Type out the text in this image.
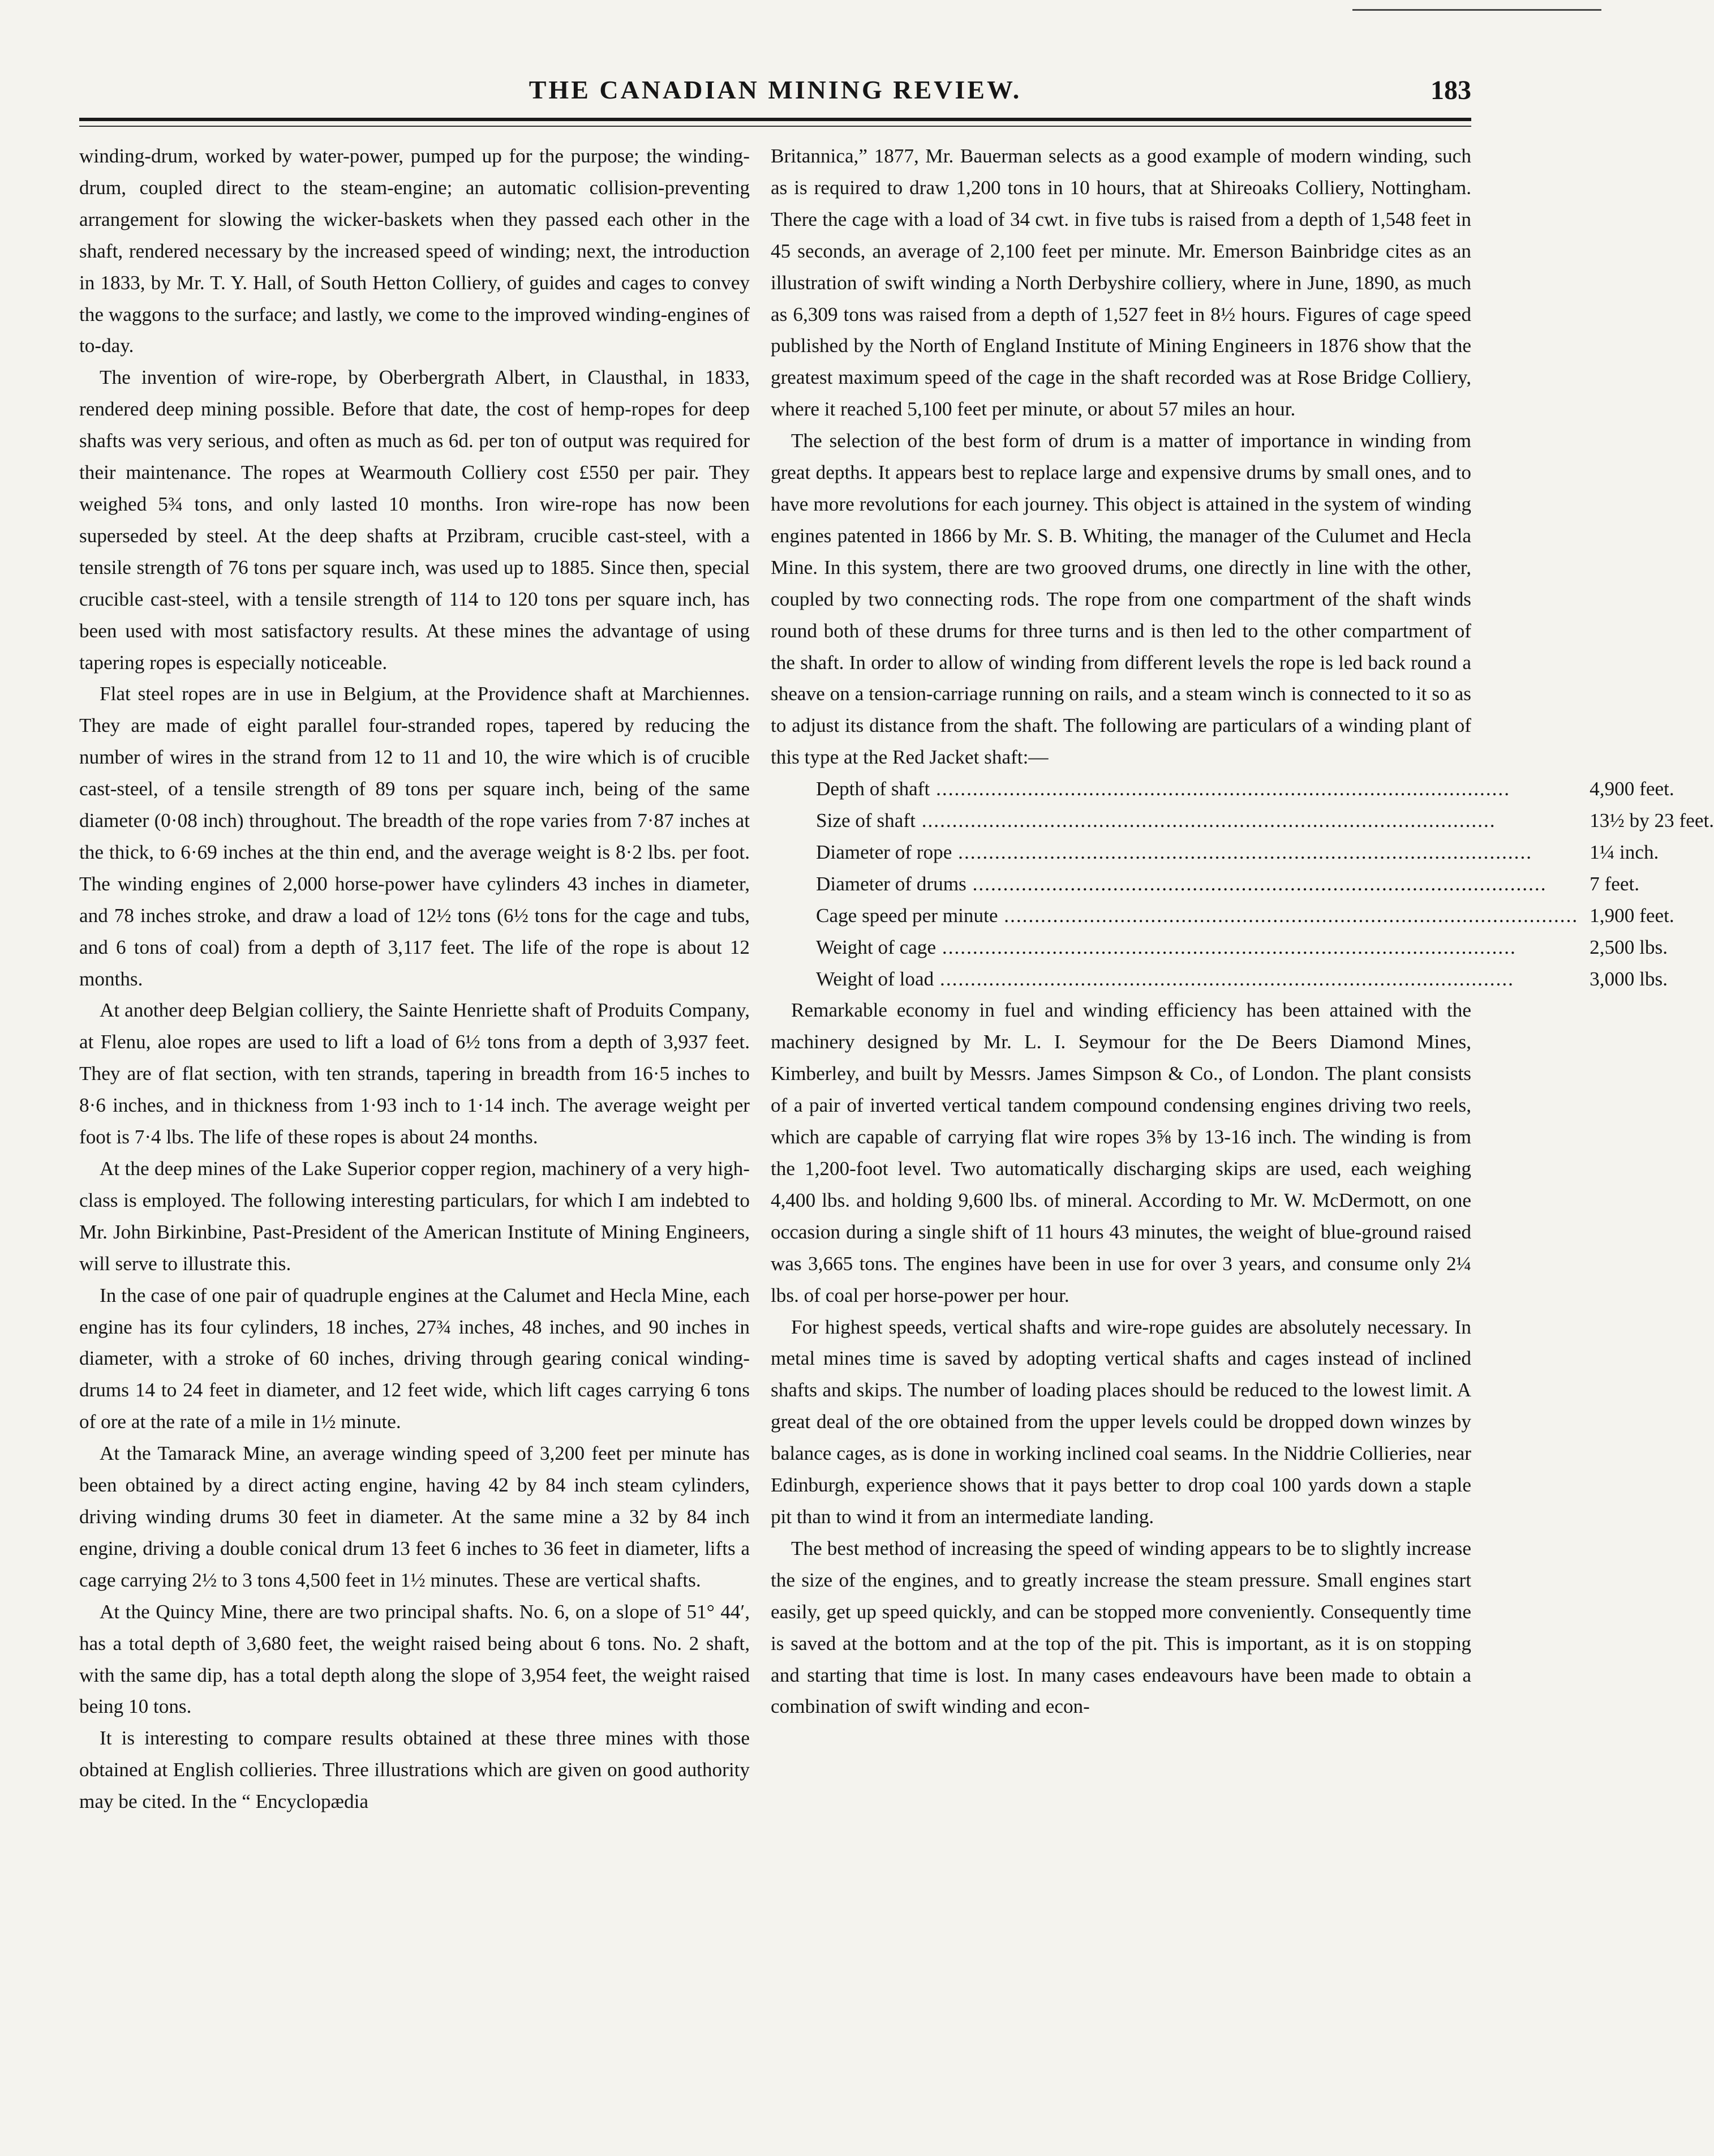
THE CANADIAN MINING REVIEW.	183

winding-drum, worked by water-power, pumped up for the purpose; the winding-drum, coupled direct to the steam-engine; an automatic collision-preventing arrangement for slowing the wicker-baskets when they passed each other in the shaft, rendered necessary by the increased speed of winding; next, the introduction in 1833, by Mr. T. Y. Hall, of South Hetton Colliery, of guides and cages to convey the waggons to the surface; and lastly, we come to the improved winding-engines of to-day.

The invention of wire-rope, by Oberbergrath Albert, in Clausthal, in 1833, rendered deep mining possible. Before that date, the cost of hemp-ropes for deep shafts was very serious, and often as much as 6d. per ton of output was required for their maintenance. The ropes at Wearmouth Colliery cost £550 per pair. They weighed 5¾ tons, and only lasted 10 months. Iron wire-rope has now been superseded by steel. At the deep shafts at Przibram, crucible cast-steel, with a tensile strength of 76 tons per square inch, was used up to 1885. Since then, special crucible cast-steel, with a tensile strength of 114 to 120 tons per square inch, has been used with most satisfactory results. At these mines the advantage of using tapering ropes is especially noticeable.

Flat steel ropes are in use in Belgium, at the Providence shaft at Marchiennes. They are made of eight parallel four-stranded ropes, tapered by reducing the number of wires in the strand from 12 to 11 and 10, the wire which is of crucible cast-steel, of a tensile strength of 89 tons per square inch, being of the same diameter (0·08 inch) throughout. The breadth of the rope varies from 7·87 inches at the thick, to 6·69 inches at the thin end, and the average weight is 8·2 lbs. per foot. The winding engines of 2,000 horse-power have cylinders 43 inches in diameter, and 78 inches stroke, and draw a load of 12½ tons (6½ tons for the cage and tubs, and 6 tons of coal) from a depth of 3,117 feet. The life of the rope is about 12 months.

At another deep Belgian colliery, the Sainte Henriette shaft of Produits Company, at Flenu, aloe ropes are used to lift a load of 6½ tons from a depth of 3,937 feet. They are of flat section, with ten strands, tapering in breadth from 16·5 inches to 8·6 inches, and in thickness from 1·93 inch to 1·14 inch. The average weight per foot is 7·4 lbs. The life of these ropes is about 24 months.

At the deep mines of the Lake Superior copper region, machinery of a very high-class is employed. The following interesting particulars, for which I am indebted to Mr. John Birkinbine, Past-President of the American Institute of Mining Engineers, will serve to illustrate this.

In the case of one pair of quadruple engines at the Calumet and Hecla Mine, each engine has its four cylinders, 18 inches, 27¾ inches, 48 inches, and 90 inches in diameter, with a stroke of 60 inches, driving through gearing conical winding-drums 14 to 24 feet in diameter, and 12 feet wide, which lift cages carrying 6 tons of ore at the rate of a mile in 1½ minute.

At the Tamarack Mine, an average winding speed of 3,200 feet per minute has been obtained by a direct acting engine, having 42 by 84 inch steam cylinders, driving winding drums 30 feet in diameter. At the same mine a 32 by 84 inch engine, driving a double conical drum 13 feet 6 inches to 36 feet in diameter, lifts a cage carrying 2½ to 3 tons 4,500 feet in 1½ minutes. These are vertical shafts.

At the Quincy Mine, there are two principal shafts. No. 6, on a slope of 51° 44′, has a total depth of 3,680 feet, the weight raised being about 6 tons. No. 2 shaft, with the same dip, has a total depth along the slope of 3,954 feet, the weight raised being 10 tons.

It is interesting to compare results obtained at these three mines with those obtained at English collieries. Three illustrations which are given on good authority may be cited. In the “ Encyclopædia

Britannica,” 1877, Mr. Bauerman selects as a good example of modern winding, such as is required to draw 1,200 tons in 10 hours, that at Shireoaks Colliery, Nottingham. There the cage with a load of 34 cwt. in five tubs is raised from a depth of 1,548 feet in 45 seconds, an average of 2,100 feet per minute. Mr. Emerson Bainbridge cites as an illustration of swift winding a North Derbyshire colliery, where in June, 1890, as much as 6,309 tons was raised from a depth of 1,527 feet in 8½ hours. Figures of cage speed published by the North of England Institute of Mining Engineers in 1876 show that the greatest maximum speed of the cage in the shaft recorded was at Rose Bridge Colliery, where it reached 5,100 feet per minute, or about 57 miles an hour.

The selection of the best form of drum is a matter of importance in winding from great depths. It appears best to replace large and expensive drums by small ones, and to have more revolutions for each journey. This object is attained in the system of winding engines patented in 1866 by Mr. S. B. Whiting, the manager of the Culumet and Hecla Mine. In this system, there are two grooved drums, one directly in line with the other, coupled by two connecting rods. The rope from one compartment of the shaft winds round both of these drums for three turns and is then led to the other compartment of the shaft. In order to allow of winding from different levels the rope is led back round a sheave on a tension-carriage running on rails, and a steam winch is connected to it so as to adjust its distance from the shaft. The following are particulars of a winding plant of this type at the Red Jacket shaft:—

Depth of shaft .....	4,900 feet.
Size of shaft .....	13½ by 23 feet.
Diameter of rope .....	1¼ inch.
Diameter of drums .....	7 feet.
Cage speed per minute .....	1,900 feet.
Weight of cage .....	2,500 lbs.
Weight of load .....	3,000 lbs.

Remarkable economy in fuel and winding efficiency has been attained with the machinery designed by Mr. L. I. Seymour for the De Beers Diamond Mines, Kimberley, and built by Messrs. James Simpson & Co., of London. The plant consists of a pair of inverted vertical tandem compound condensing engines driving two reels, which are capable of carrying flat wire ropes 3⅝ by 13-16 inch. The winding is from the 1,200-foot level. Two automatically discharging skips are used, each weighing 4,400 lbs. and holding 9,600 lbs. of mineral. According to Mr. W. McDermott, on one occasion during a single shift of 11 hours 43 minutes, the weight of blue-ground raised was 3,665 tons. The engines have been in use for over 3 years, and consume only 2¼ lbs. of coal per horse-power per hour.

For highest speeds, vertical shafts and wire-rope guides are absolutely necessary. In metal mines time is saved by adopting vertical shafts and cages instead of inclined shafts and skips. The number of loading places should be reduced to the lowest limit. A great deal of the ore obtained from the upper levels could be dropped down winzes by balance cages, as is done in working inclined coal seams. In the Niddrie Collieries, near Edinburgh, experience shows that it pays better to drop coal 100 yards down a staple pit than to wind it from an intermediate landing.

The best method of increasing the speed of winding appears to be to slightly increase the size of the engines, and to greatly increase the steam pressure. Small engines start easily, get up speed quickly, and can be stopped more conveniently. Consequently time is saved at the bottom and at the top of the pit. This is important, as it is on stopping and starting that time is lost. In many cases endeavours have been made to obtain a combination of swift winding and econ-
